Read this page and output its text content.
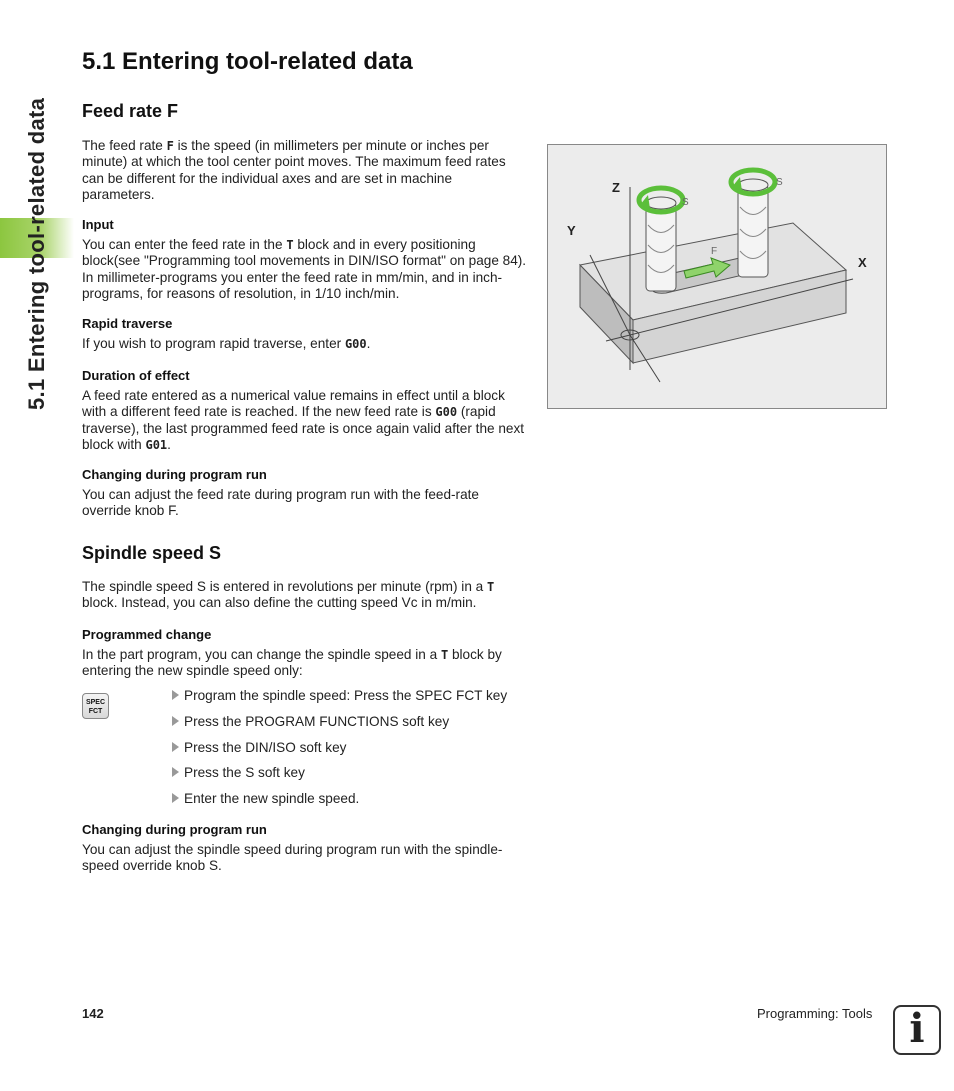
5.1 Entering tool-related data
5.1 Entering tool-related data
Feed rate F

The feed rate F is the speed (in millimeters per minute or inches per minute) at which the tool center point moves. The maximum feed rates can be different for the individual axes and are set in machine parameters.

Input

You can enter the feed rate in the T block and in every positioning block(see "Programming tool movements in DIN/ISO format" on page 84). In millimeter-programs you enter the feed rate in mm/min, and in inch-programs, for reasons of resolution, in 1/10 inch/min.

Rapid traverse

If you wish to program rapid traverse, enter G00.

Duration of effect

A feed rate entered as a numerical value remains in effect until a block with a different feed rate is reached. If the new feed rate is G00 (rapid traverse), the last programmed feed rate is once again valid after the next block with G01.

Changing during program run

You can adjust the feed rate during program run with the feed-rate override knob F.

Spindle speed S

The spindle speed S is entered in revolutions per minute (rpm) in a T block. Instead, you can also define the cutting speed Vc in m/min.

Programmed change

In the part program, you can change the spindle speed in a T block by entering the new spindle speed only:

SPEC
FCT
Program the spindle speed: Press the SPEC FCT key
Press the PROGRAM FUNCTIONS soft key
Press the DIN/ISO soft key
Press the S soft key
Enter the new spindle speed.
Changing during program run

You can adjust the spindle speed during program run with the spindle-speed override knob S.

Z
Y
X
S
S
F
142	Programming: Tools i
